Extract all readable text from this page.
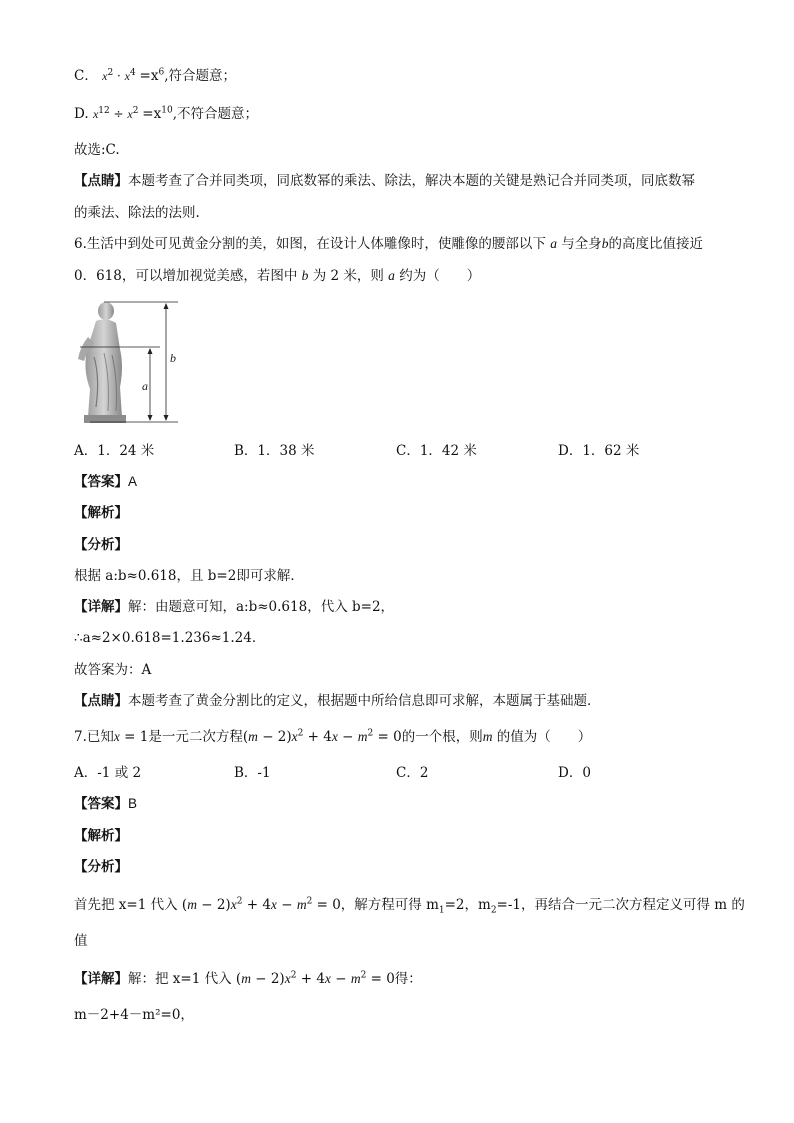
C． $x^2 \cdot x^4 =x^6$,符合题意；
D. $x^{12} \div x^2 =x^{10}$,不符合题意；
故选:C.
【点睛】本题考查了合并同类项，同底数幂的乘法、除法，解决本题的关键是熟记合并同类项，同底数幂
的乘法、除法的法则.
6.生活中到处可见黄金分割的美，如图，在设计人体雕像时，使雕像的腰部以下 a 与全身b的高度比值接近
0．618，可以增加视觉美感，若图中 b 为 2 米，则 a 约为（　　）
a
b
A．1．24 米	B．1．38 米	C．1．42 米	D．1．62 米
【答案】A
【解析】
【分析】
根据 a:b≈0.618，且 b=2即可求解．
【详解】解：由题意可知，a:b≈0.618，代入 b=2，
∴a≈2×0.618=1.236≈1.24．
故答案为：A
【点睛】本题考查了黄金分割比的定义，根据题中所给信息即可求解，本题属于基础题．
7.已知x = 1是一元二次方程$(m - 2)x^2 + 4x - m^2 = 0$的一个根，则m 的值为（　　）
A．-1 或 2	B．-1	C．2	D．0
【答案】B
【解析】
【分析】
首先把 x=1 代入 $(m - 2)x^2 + 4x - m^2 = 0$，解方程可得 $m_1=2$，$m_2=-1$，再结合一元二次方程定义可得 m 的
值
【详解】解：把 x=1 代入 $(m - 2)x^2 + 4x - m^2 = 0$得：
m－2+4－m²=0，
